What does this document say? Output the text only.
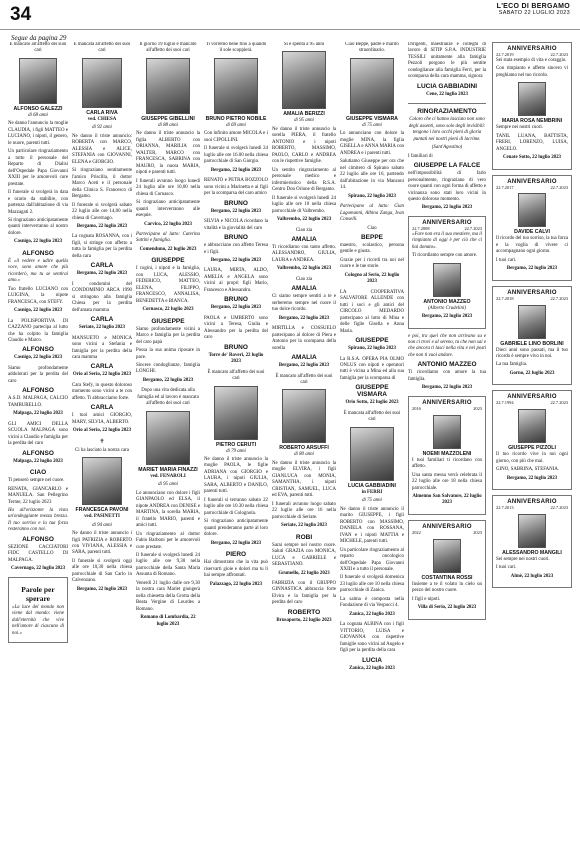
34	L'ECO DI BERGAMO
SABATO 22 LUGLIO 2023
Segue da pagina 29

È mancato all'affetto dei suoi cari

ALFONSO GALEZZI

di 68 anni

Ne danno l'annuncio la moglie CLAUDIA, i figli MATTEO e LUCIANO, i nipoti, il genero, le nuore, parenti tutti.

Un particolare ringraziamento a tutto il personale del Reparto di Dialisi dell'Ospedale Papa Giovanni XXIII per le amorevoli cure prestate.

Il funerale si svolgerà in data e orario da stabilire, con partenza dall'abitazione di via Mazzagati 2.

Si ringraziano anticipatamente quanti interverranno al nostro dolore.

Casnigo, 22 luglio 2023

ALFONSO

È «il vedere e udire quella voce, sono amore che più ricorderò, ma tu se sentirai amo.»

Tuo fratello LUCIANO con LUIGINA, la nipote FRANCESCA, con STEFY.

Casnigo, 22 luglio 2023

La POLISPORTIVA DI CAZZANO partecipa al lutto che ha colpito la famiglia Claudio e Marco.

ALFONSO

Casnigo, 22 luglio 2023

Siamo profondamente addolorati per la perdita del caro

ALFONSO

A.S.D. MALPAGA, CALCIO TAMBURELLO.

Malpaga, 22 luglio 2023

GLI AMICI DELLA SCUOLA MALPAGA sono vicini a Claudio e famiglia per la perdita del caro

ALFONSO

Malpaga, 22 luglio 2023

CIAO

Ti penserò sempre nel cuore.

RENATA, GIANCARLO e MANUELA. San Pellegrino Terme, 22 luglio 2023

Ha all'orizzonte la vista un'ondeggiante mezza brezza. Il tuo sorriso e la tua forza resteranno con noi.

ALFONSO

SEZIONE CACCIATORI FIDC CASTELLO DI MALPAGA.

Cavernago, 22 luglio 2023

Parole per sperare

«La luce del mondo non viene dal mondo: viene dall'eternità che vive nell'amore di ciascuno di noi.»

È mancata all'affetto dei suoi cari

CARLA RIVA

ved. CHIESA

di 92 anni

Ne danno il triste annuncio: ROBERTA con MARCO, ALESSIA e ALICE, STEFANIA con GIOVANNI, ELENA e GIORGIO.

Si ringraziano sentitamente l'amico Priscilla, il dottor Marco Aceti e il personale della Clinica S. Francesco di Bergamo.

Il funerale si svolgerà sabato 22 luglio alle ore 14,00 nella chiesa di Cavernago.

Bergamo, 22 luglio 2023

La cognata ROSANNA, con i figli, si stringe con affetto a tutta la famiglia per la perdita della cara

CARLA

Bergamo, 22 luglio 2023

I condomini del CONDOMINIO ARCA 1990 si stringono alla famiglia Chiesa per la perdita dell'amata mamma

CARLA

Seriate, 22 luglio 2023

MANSUETO e MONICA sono vicini a Stefania e famiglia per la perdita della cara mamma

CARLA

Orio al Serio, 22 luglio 2023

Cara Stefy, in questo doloroso momento sono vicini a te con affetto. Ti abbracciamo forte.

CARLA

I tuoi amici GIORGIO, MARY, SILVIA, ALBERTO.

Orio al Serio, 22 luglio 2023

✝

Ci ha lasciato la nostra cara

FRANCESCA PAVONI

ved. PASINETTI

di 94 anni

Ne danno il triste annuncio i figli PATRIZIA e ROBERTO con VIVIANA, ALESSIA e SARA, parenti tutti.

Il funerale si svolgerà oggi alle ore 10,30 nella chiesa parrocchiale di San Carlo in Calvenzano.

Bergamo, 22 luglio 2023

Il giorno 19 luglio è mancato all'affetto dei suoi cari

GIUSEPPE GIBELLINI

di 88 anni

Ne danno il triste annuncio la figlia ALBERTO con ORIANNA, MARILIA con WALTER, MARCO con FRANCESCA, SABRINA con MAURO, la nuora MARIA, nipoti e parenti tutti.

I funerali avranno luogo lunedì 24 luglio alle ore 10,00 nella chiesa di Cornasco.

Si ringraziano anticipatamente quanti interverranno alle esequie.

Carvico, 22 luglio 2023

Partecipano al lutto: Caterina Sottini e famiglia.

Comenduno, 22 luglio 2023

GIUSEPPE

I cugini, i nipoti e la famiglia, con LUCA, ALESSIO, FEDERICO, MATTEO, ELENA, FILIPPO, FRANCESCO, ANNALISA, BENEDETTA e BIANCA.

Cornasco, 22 luglio 2023

GIUSEPPE

Siamo profondamente vicini a Marco e famiglia per la perdita del caro papà

Possa la sua anima riposare in pace.

Sincere condoglianze, famiglia LONGHI.

Bergamo, 22 luglio 2023

Dopo una vita dedicata alla famiglia ed al lavoro è mancata all'affetto dei suoi cari

MARIET MARIA FINAZZI

ved. FENAROLI

di 95 anni

Lo annunciano con dolore i figli GIANPAOLO ed ELSA, il nipote ANDREA con DENISE e MARTINA, la sorella MARIA, il fratello MARIO, parenti e amici tutti.

Un ringraziamento al dottor Fabio Barboni per le amorevoli cure prestate.

Il funerale si svolgerà lunedì 24 luglio alle ore 9,30 nella parrocchiale della Santa Maria Assunta di Romano.

Venerdì 21 luglio dalle ore 9,30 la nostra cara Mariet giungerà nella chiesetta della Grotta della Beata Vergine di Lourdes a Romano.

Romano di Lombardia, 22 luglio 2023

Ti vorremo bene fino a quando il sole scoppierà.

BRUNO PIETRO NOBILE

di 69 anni

Con infinito amore MICOLA e i suoi CIPOLLINI.

Il funerale si svolgerà lunedì 24 luglio alle ore 16.00 nella chiesa parrocchiale di San Giorgio.

Bergamo, 22 luglio 2023

RENATO e PETRA BOZZOLO sono vicini a Marinetta e ai figli per la scomparsa del caro amico

BRUNO

Bergamo, 22 luglio 2023

SILVIA e NICOLA ricordano la vitalità e la giovialità del caro

BRUNO

e abbracciano con affetto Teresa e i figli.

Bergamo, 22 luglio 2023

LAURA, MIRTA, ALDO, AMELIA e ANGELA sono vicini ai propri figli Mario, Francesco e Alessandro.

BRUNO

Bergamo, 22 luglio 2023

PAOLA e UMBERTO sono vicini a Teresa, Giulia e Alessandro per la perdita del caro

BRUNO

Torre de' Roveri, 22 luglio 2023

È mancato all'affetto dei suoi cari

PIETRO CERUTI

di 79 anni

Ne danno il triste annuncio la moglie PAOLA, le figlie ADRIANA con GIORGIO e LAURA, i nipoti GIULIA, SARA, ALBERTO e DANILO, parenti tutti.

I funerali si terranno sabato 22 luglio alle ore 10.30 nella chiesa parrocchiale di Colognola.

Si ringraziano anticipatamente quanti prenderanno parte al loro dolore.

Bergamo, 22 luglio 2023

PIERO

Hai dimostrato che la vita può riservarti gioie e dolori ma tu li hai sempre affrontati.

Palazzago, 22 luglio 2023

Si è spenta a 95 anni

AMALIA BERIZZI

di 95 anni

Ne danno il triste annuncio la sorella PIERA, il fratello ANTONIO e i nipoti ROBERTO, MASSIMO, PAOLO, CARLO e ANDREA con le rispettive famiglie.

Un sentito ringraziamento al personale medico e infermieristico della R.S.A. Centro Don Orione di Bergamo.

Il funerale si svolgerà lunedì 24 luglio alle ore 10 nella chiesa parrocchiale di Valbrembo.

Valbrembo, 22 luglio 2023

Ciao zia

AMALIA

Ti ricordiamo con tanto affetto. ALESSANDRO, GIULIA, LAURA e ANDREA.

Valbrembo, 22 luglio 2023

Ciao zia

AMALIA

Ci siamo sempre sentiti a te e serberemo sempre nel cuore il tuo dolce ricordo.

Bergamo, 22 luglio 2023

MIRTILLA e COSSUELO partecipano al dolore di Piera e Antonio per la scomparsa della sorella

AMALIA

Bergamo, 22 luglio 2023

È mancato all'affetto dei suoi cari

ROBERTO ARSUFFI

di 80 anni

Ne danno il triste annuncio la moglie ELVIRA, i figli GIANLUCA con MONIA, SAMANTHA, i nipoti CRISTIAN, SAMUEL, LUCA ed EVA, parenti tutti.

I funerali avranno luogo sabato 22 luglio alle ore 16 nella parrocchiale di Seriate.

Seriate, 22 luglio 2023

ROBI

Sarai sempre nel nostro cuore. Saluti GRAZIA con MONICA, LUCA e GABRIELE e SEBASTIANO.

Grumello, 22 luglio 2023

FABRIZIA con il GRUPPO GINNASTICA abbraccia forte Elvira e la famiglia per la perdita del caro

ROBERTO

Brusaporto, 22 luglio 2023

Ciao Beppe, padre e marito straordinario.

GIUSEPPE VISMARA

di 75 anni

Lo annunciano con dolore la moglie MINA, la figlia GISELLA e ANNA MARIA con ANDREA e i parenti tutti.

Salutiamo Giuseppe per ora che nel cimitero di Spirano sabato 22 luglio alle ore 16, partendo dall'abitazione in via Manzoni 14.

Spirano, 22 luglio 2023

Partecipano al lutto: Gian Lagomanni, Albina Zanga, Ivan Conselli.

Ciao

BEPPE

maestro, scolastico, persona gentile e giusta.

Grazie per i ricordi tra noi nel cuore e le tue storie.

Cologno al Serio, 22 luglio 2023

LA COOPERATIVA SALVATORE ALLENDE con tutti i soci e gli amici del CIRCOLO MEDARDO partecipano al lutto di Mina e delle figlie Gisella e Anna Maria.

GIUSEPPE

Spirano, 22 luglio 2023

La R.S.A. OPERA PIA OLMO ONLUS con nipoti e operatori tutti è vicina a Mina ed alla sua famiglia per la scomparsa di

GIUSEPPE VISMARA

Orio Sotto, 22 luglio 2023

È mancata all'affetto dei suoi cari

LUCIA GABBIADINI

in FERRI

di 75 anni

Ne danno il triste annuncio il marito GIUSEPPE, i figli ROBERTO con MASSIMO, DANIELA con ROSSANA, IVAN e i nipoti MATTIA e MICHELE, parenti tutti.

Un particolare ringraziamento al reparto oncologico dell'Ospedale Papa Giovanni XXIII e a tutto il personale.

Il funerale si svolgerà domenica 23 luglio alle ore 10 nella chiesa parrocchiale di Zanica.

La salma è composta nella Fondazione di via Vespucci 4.

Zanica, 22 luglio 2023

La cognata ALBINA con i figli VITTORIO, LUISA e GIOVANNA con rispettive famiglie sono vicini ad Angelo e figli per la perdita della cara

LUCIA

Zanica, 22 luglio 2023

Dirigenti, maestranze e colleghi di lavoro di SITIP S.P.A. INDUSTRIE TESSILI unitamente alla famiglia Pezzoli porgono le più sentite condoglianze alla famiglia Ferri, per la scomparsa della cara mamma, signora

LUCIA GABBIADINI

Cene, 22 luglio 2023

RINGRAZIAMENTO

Coloro che ci hanno lasciato non sono degli assenti, sono solo degli invisibili: tengono i loro occhi pieni di gloria puntati nei nostri pieni di lacrime.

(Sant'Agostino)

I familiari di

GIUSEPPE LA FALCE

nell'impossibilità di farlo personalmente, ringraziano di vero cuore quanti con ogni forma di affetto e vicinanza sono stati loro vicini in questo doloroso momento.

Bergamo, 22 luglio 2023

ANNIVERSARIO
22.7.2008	22.7.2023

«Fare non era il suo mestiere, ma il rimpianto di oggi è per ciò che ci hai donato».

Ti ricordiamo sempre con amore.

ANTONIO MAZZEO

(Alberto Crudelini)

Bergamo, 22 luglio 2023

e poi, tra quei che non arrivano su e non ci trovi e al sereno, tu che non sai e che ancora ti lasci nella vita e nei posti che non ti vuoi andare.

ANTONIO MAZZEO

Ti ricordiamo con amore la tua famiglia.

Bergamo, 22 luglio 2023

ANNIVERSARIO
2016	2023
NOEMI MAZZOLENI

I tuoi familiari ti ricordano con affetto.

Una santa messa verrà celebrata il 22 luglio alle ore 18 nella chiesa parrocchiale.

Almenno San Salvatore, 22 luglio 2023

ANNIVERSARIO
2022	2023
COSTANTINA ROSSI

Insieme a te il volato in cielo un pezzo del nostro cuore.

I figli e nipoti.

Villa di Serio, 22 luglio 2023

ANNIVERSARIO
22.7.2019	22.7.2023

Sei stata esempio di vita e coraggio.

Con rimpianto e affetto sincero vi preghiamo nel tuo ricordo.

MARIA ROSA NEMBRINI

Sempre nei nostri cuori.

TANIL LUANA, BATTISTA, FRERI, LORENZO, LUISA, ANGELO.

Cenate Sotto, 22 luglio 2023

ANNIVERSARIO
22.7.2017	22.7.2023
DAVIDE CALVI

Il ricordo del tuo sorriso, la tua forza e la voglia di vivere ci accompagnano ogni giorno.

I tuoi cari.

Bergamo, 22 luglio 2023

ANNIVERSARIO
22.7.2018	22.7.2023
GABRIELE LINO BORLINI

Dieci anni sono passati, ma il tuo ricordo è sempre vivo in noi.

La tua famiglia.

Gorno, 22 luglio 2023

ANNIVERSARIO
22.7.1994	22.7.2023
GIUSEPPE PIZZOLI

Il tuo ricordo vive in noi ogni giorno, con più che mai.

GINO, SABRINA, STEFANIA.

Bergamo, 22 luglio 2023

ANNIVERSARIO
22.7.2013	22.7.2023
ALESSANDRO MANGILI

Sei sempre nei nostri cuori.

I tuoi cari.

Almè, 22 luglio 2023
